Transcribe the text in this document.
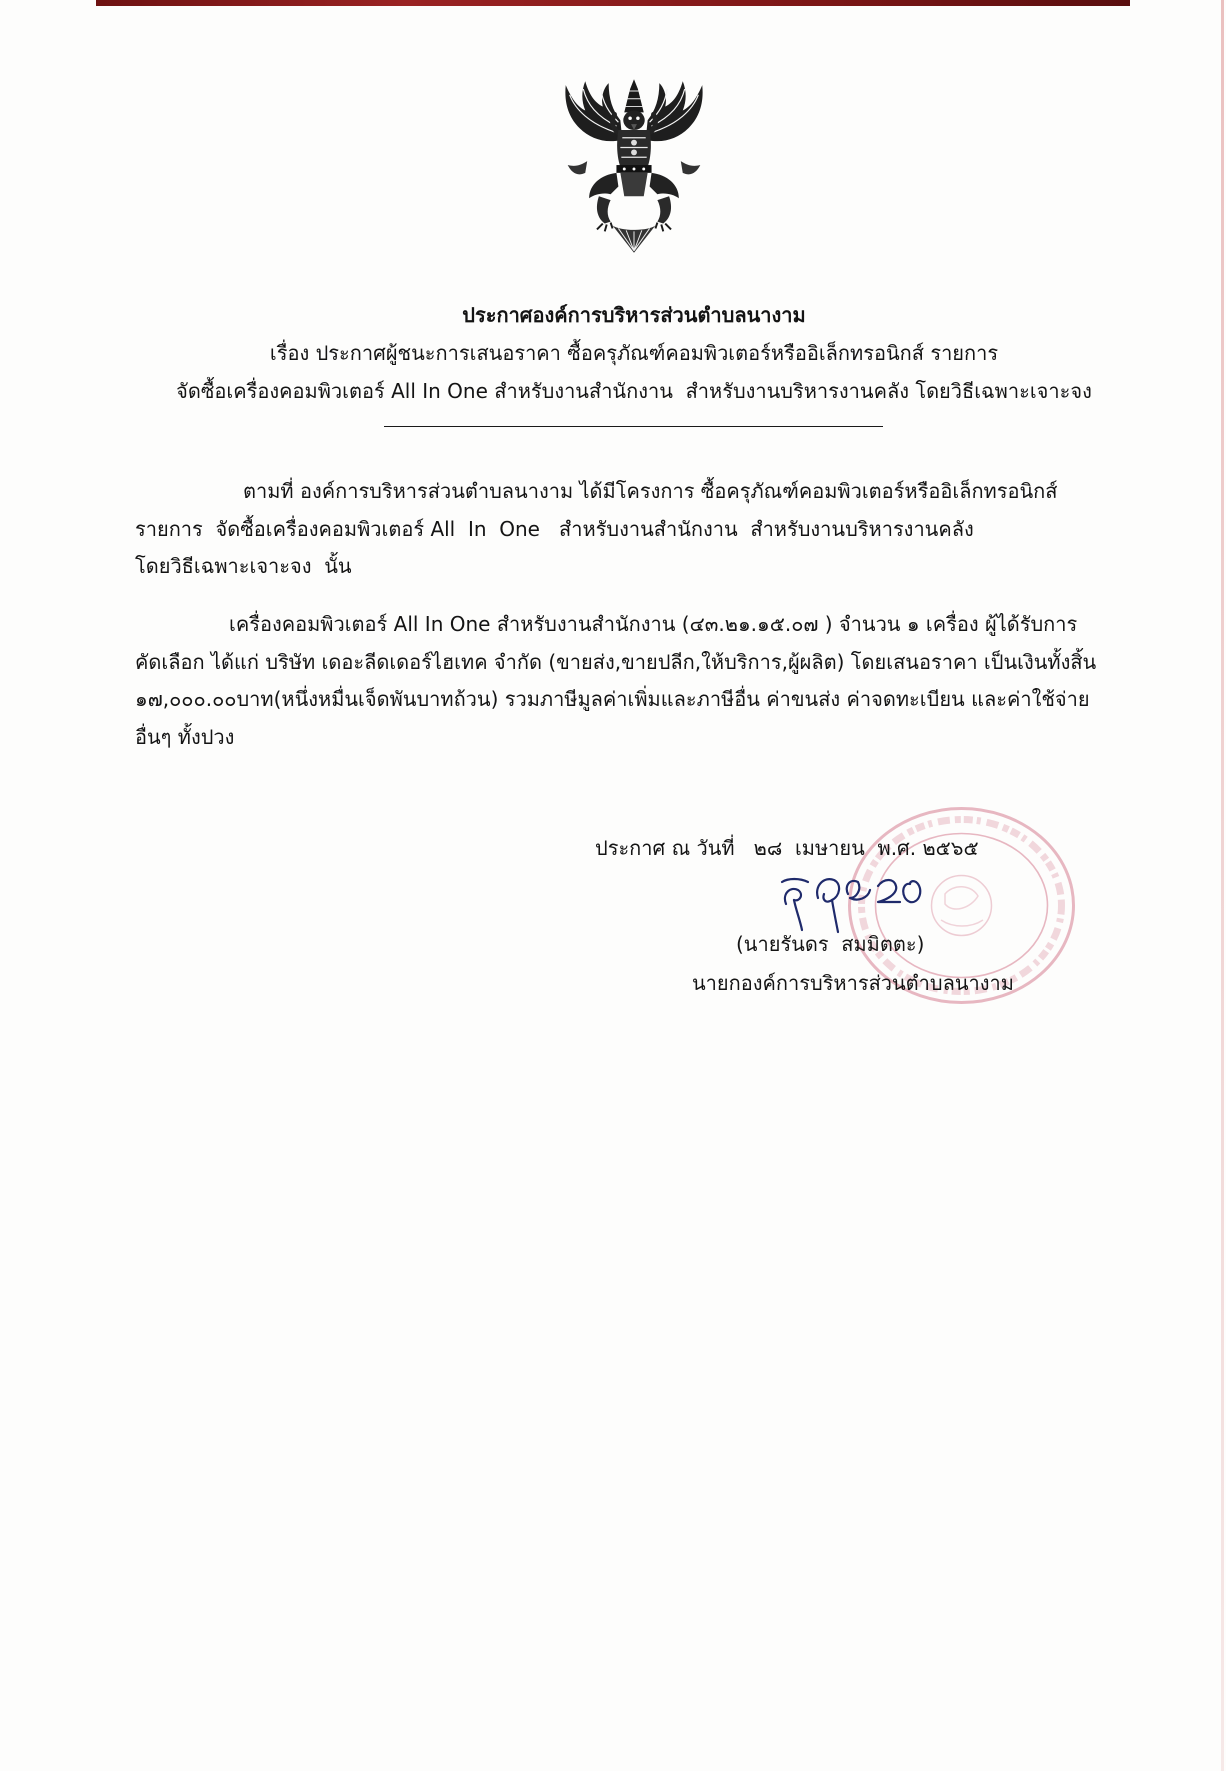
ประกาศองค์การบริหารส่วนตำบลนางาม
เรื่อง ประกาศผู้ชนะการเสนอราคา ซื้อครุภัณฑ์คอมพิวเตอร์หรืออิเล็กทรอนิกส์ รายการ
จัดซื้อเครื่องคอมพิวเตอร์ All In One สำหรับงานสำนักงาน  สำหรับงานบริหารงานคลัง โดยวิธีเฉพาะเจาะจง
ตามที่ องค์การบริหารส่วนตำบลนางาม ได้มีโครงการ ซื้อครุภัณฑ์คอมพิวเตอร์หรืออิเล็กทรอนิกส์
รายการ  จัดซื้อเครื่องคอมพิวเตอร์ All  In  One   สำหรับงานสำนักงาน  สำหรับงานบริหารงานคลัง
โดยวิธีเฉพาะเจาะจง  นั้น
เครื่องคอมพิวเตอร์ All In One สำหรับงานสำนักงาน (๔๓.๒๑.๑๕.๐๗ ) จำนวน ๑ เครื่อง ผู้ได้รับการ
คัดเลือก ได้แก่ บริษัท เดอะลีดเดอร์ไฮเทค จำกัด (ขายส่ง,ขายปลีก,ให้บริการ,ผู้ผลิต) โดยเสนอราคา เป็นเงินทั้งสิ้น
๑๗,๐๐๐.๐๐บาท(หนึ่งหมื่นเจ็ดพันบาทถ้วน) รวมภาษีมูลค่าเพิ่มและภาษีอื่น ค่าขนส่ง ค่าจดทะเบียน และค่าใช้จ่าย
อื่นๆ ทั้งปวง
ประกาศ ณ วันที่   ๒๘  เมษายน  พ.ศ. ๒๕๖๕
(นายรันดร  สมมิตตะ)
นายกองค์การบริหารส่วนตำบลนางาม
